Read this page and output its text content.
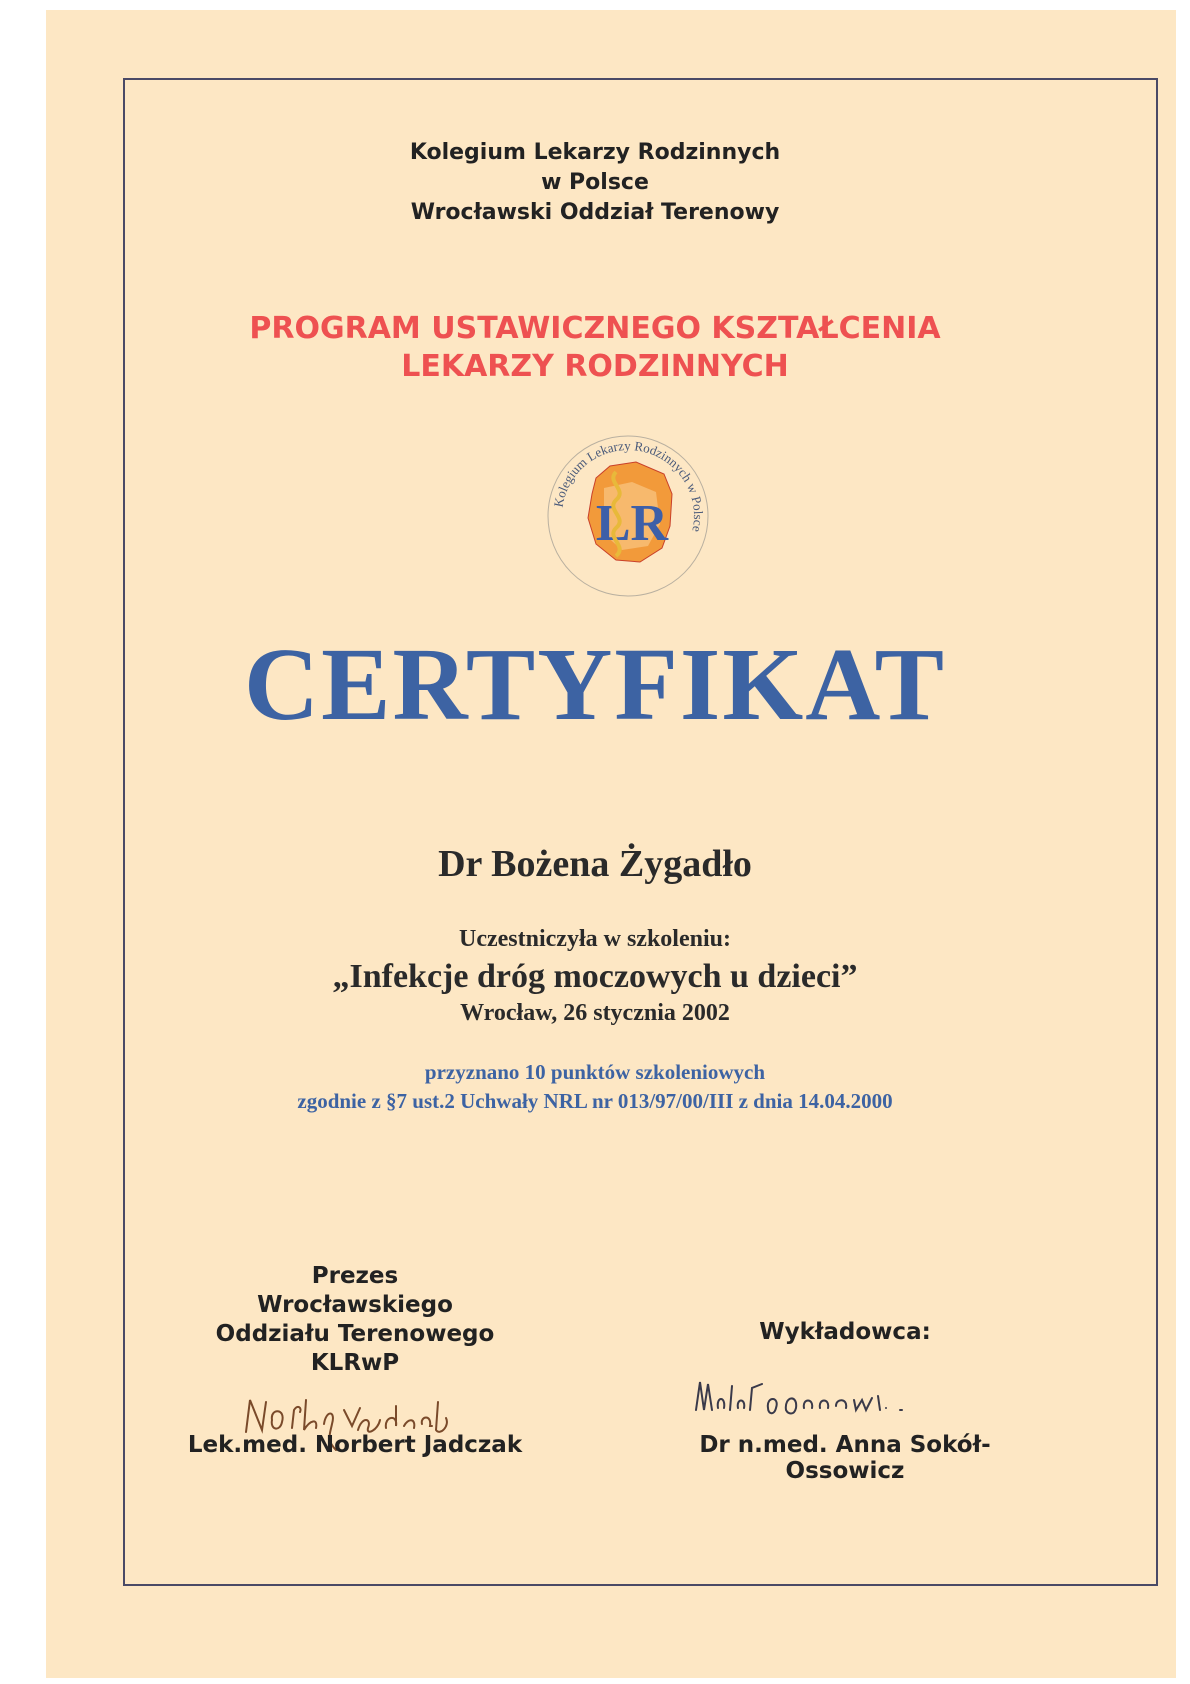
Kolegium Lekarzy Rodzinnych
w Polsce
Wrocławski Oddział Terenowy
PROGRAM USTAWICZNEGO KSZTAŁCENIA
LEKARZY RODZINNYCH
LR
Kolegium Lekarzy Rodzinnych w Polsce
CERTYFIKAT
Dr Bożena Żygadło
Uczestniczyła w szkoleniu:
„Infekcje dróg moczowych u dzieci”
Wrocław, 26 stycznia 2002
przyznano 10 punktów szkoleniowych
zgodnie z §7 ust.2 Uchwały NRL nr 013/97/00/III z dnia 14.04.2000
Prezes
Wrocławskiego
Oddziału Terenowego
KLRwP
Wykładowca:
Lek.med. Norbert Jadczak	Dr n.med. Anna Sokół-Ossowicz
